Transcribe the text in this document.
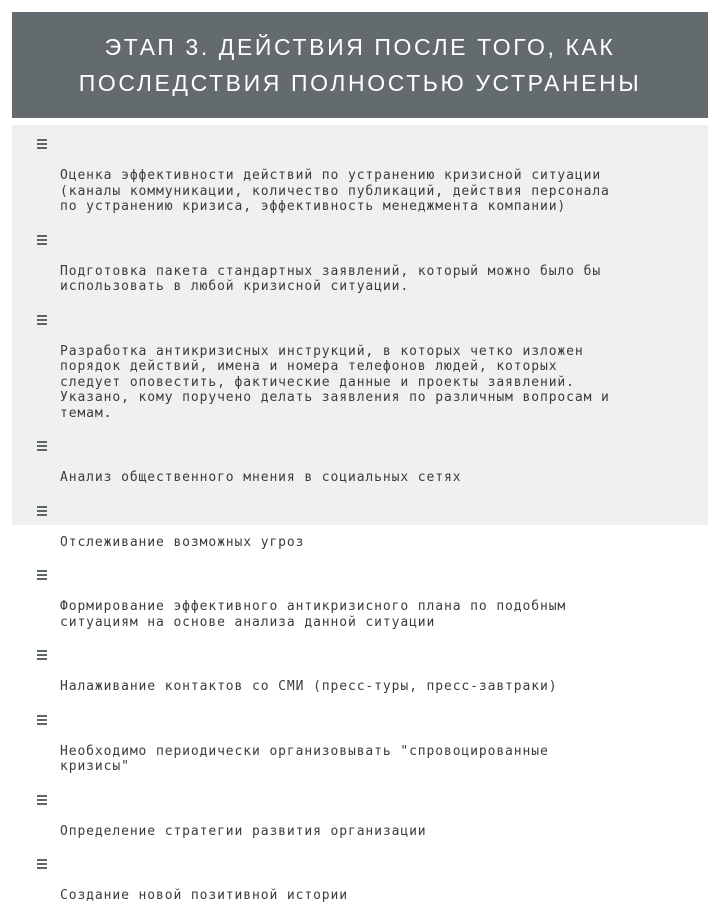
ЭТАП 3. ДЕЙСТВИЯ ПОСЛЕ ТОГО, КАК
ПОСЛЕДСТВИЯ ПОЛНОСТЬЮ УСТРАНЕНЫ

Оценка эффективности действий по устранению кризисной ситуации
(каналы коммуникации, количество публикаций, действия персонала
по устранению кризиса, эффективность менеджмента компании)

Подготовка пакета стандартных заявлений, который можно было бы
использовать в любой кризисной ситуации.

Разработка антикризисных инструкций, в которых четко изложен
порядок действий, имена и номера телефонов людей, которых
следует оповестить, фактические данные и проекты заявлений.
Указано, кому поручено делать заявления по различным вопросам и
темам.

Анализ общественного мнения в социальных сетях

Отслеживание возможных угроз

Формирование эффективного антикризисного плана по подобным
ситуациям на основе анализа данной ситуации

Налаживание контактов со СМИ (пресс-туры, пресс-завтраки)

Необходимо периодически организовывать "спровоцированные
кризисы"

Определение стратегии развития организации

Создание новой позитивной истории
